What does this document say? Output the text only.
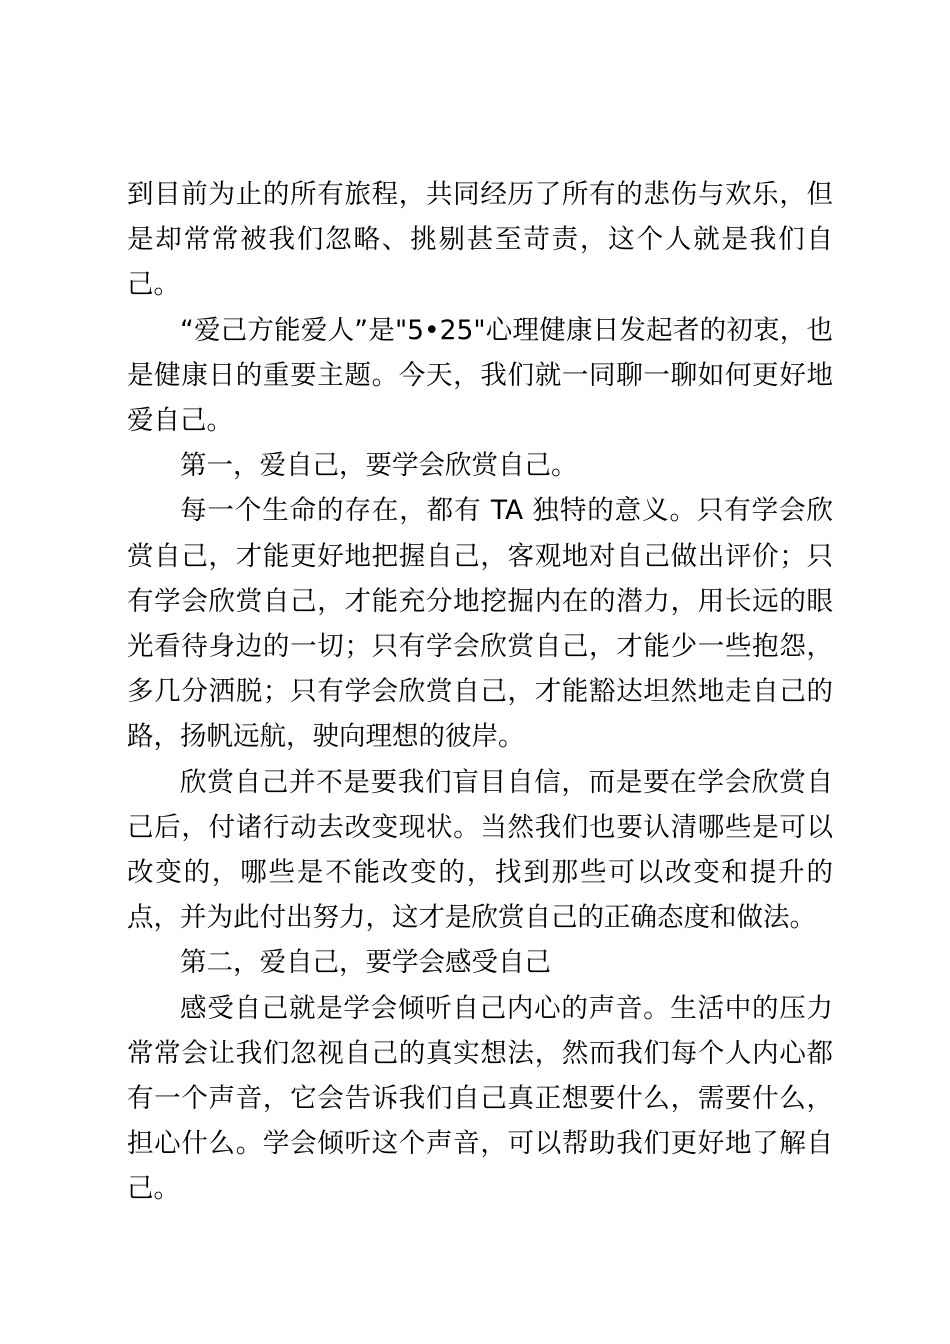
到目前为止的所有旅程，共同经历了所有的悲伤与欢乐，但是却常常被我们忽略、挑剔甚至苛责，这个人就是我们自己。

“爱己方能爱人”是"5•25"心理健康日发起者的初衷，也是健康日的重要主题。今天，我们就一同聊一聊如何更好地爱自己。

第一，爱自己，要学会欣赏自己。

每一个生命的存在，都有 TA 独特的意义。只有学会欣赏自己，才能更好地把握自己，客观地对自己做出评价；只有学会欣赏自己，才能充分地挖掘内在的潜力，用长远的眼光看待身边的一切；只有学会欣赏自己，才能少一些抱怨，多几分洒脱；只有学会欣赏自己，才能豁达坦然地走自己的路，扬帆远航，驶向理想的彼岸。

欣赏自己并不是要我们盲目自信，而是要在学会欣赏自己后，付诸行动去改变现状。当然我们也要认清哪些是可以改变的，哪些是不能改变的，找到那些可以改变和提升的点，并为此付出努力，这才是欣赏自己的正确态度和做法。

第二，爱自己，要学会感受自己

感受自己就是学会倾听自己内心的声音。生活中的压力常常会让我们忽视自己的真实想法，然而我们每个人内心都有一个声音，它会告诉我们自己真正想要什么，需要什么，担心什么。学会倾听这个声音，可以帮助我们更好地了解自己。
